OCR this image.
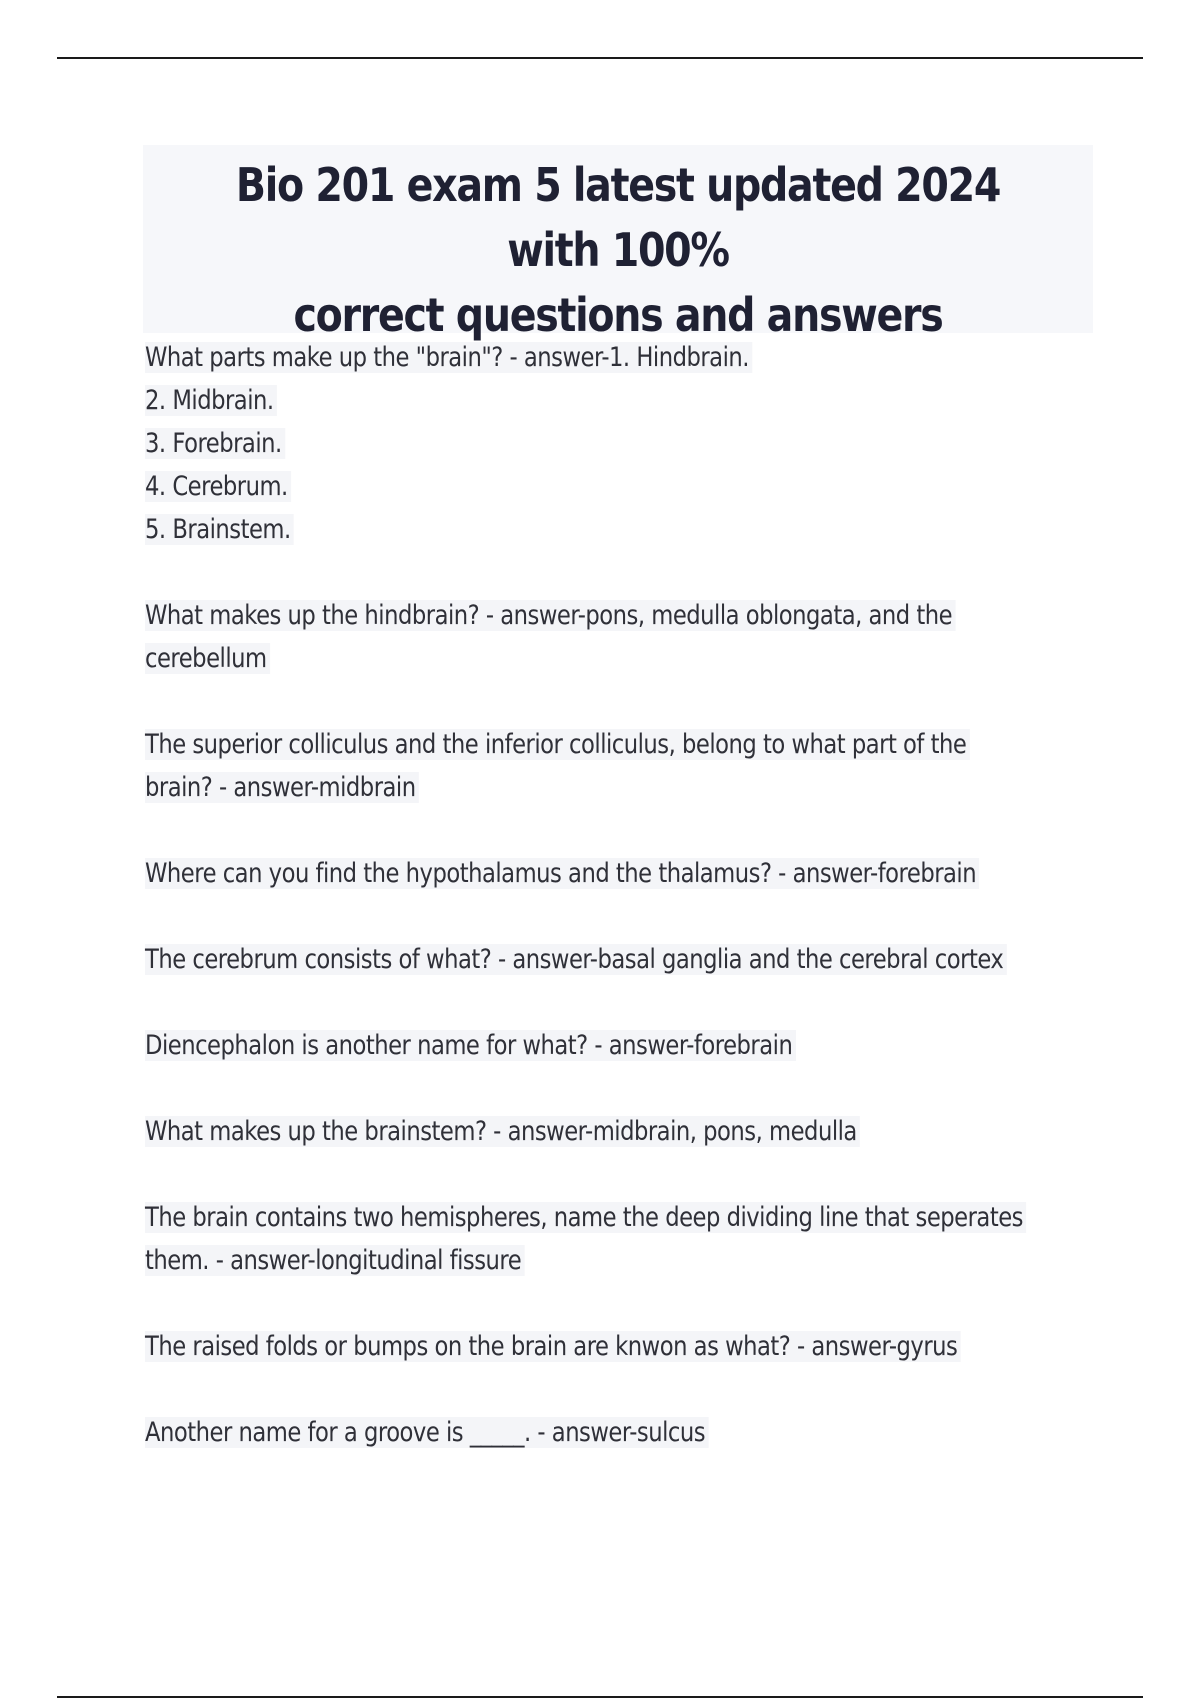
Bio 201 exam 5 latest updated 2024 with 100%
correct questions and answers

What parts make up the "brain"? - answer-1. Hindbrain.
2. Midbrain.
3. Forebrain.
4. Cerebrum.
5. Brainstem.

What makes up the hindbrain? - answer-pons, medulla oblongata, and the
cerebellum

The superior colliculus and the inferior colliculus, belong to what part of the
brain? - answer-midbrain

Where can you find the hypothalamus and the thalamus? - answer-forebrain

The cerebrum consists of what? - answer-basal ganglia and the cerebral cortex

Diencephalon is another name for what? - answer-forebrain

What makes up the brainstem? - answer-midbrain, pons, medulla

The brain contains two hemispheres, name the deep dividing line that seperates
them. - answer-longitudinal fissure

The raised folds or bumps on the brain are knwon as what? - answer-gyrus

Another name for a groove is _____. - answer-sulcus
